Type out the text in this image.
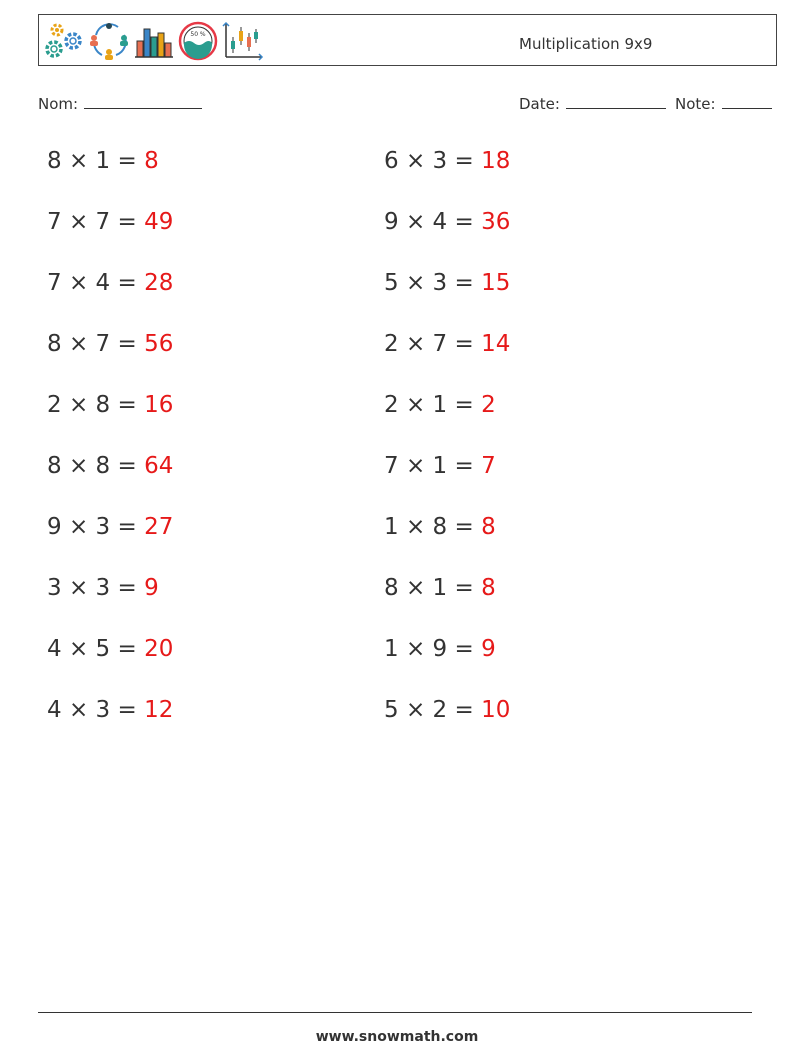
50 %
Multiplication 9x9
Nom:	Date:	Note:
8 × 1 = 8
7 × 7 = 49
7 × 4 = 28
8 × 7 = 56
2 × 8 = 16
8 × 8 = 64
9 × 3 = 27
3 × 3 = 9
4 × 5 = 20
4 × 3 = 12
6 × 3 = 18
9 × 4 = 36
5 × 3 = 15
2 × 7 = 14
2 × 1 = 2
7 × 1 = 7
1 × 8 = 8
8 × 1 = 8
1 × 9 = 9
5 × 2 = 10
www.snowmath.com
